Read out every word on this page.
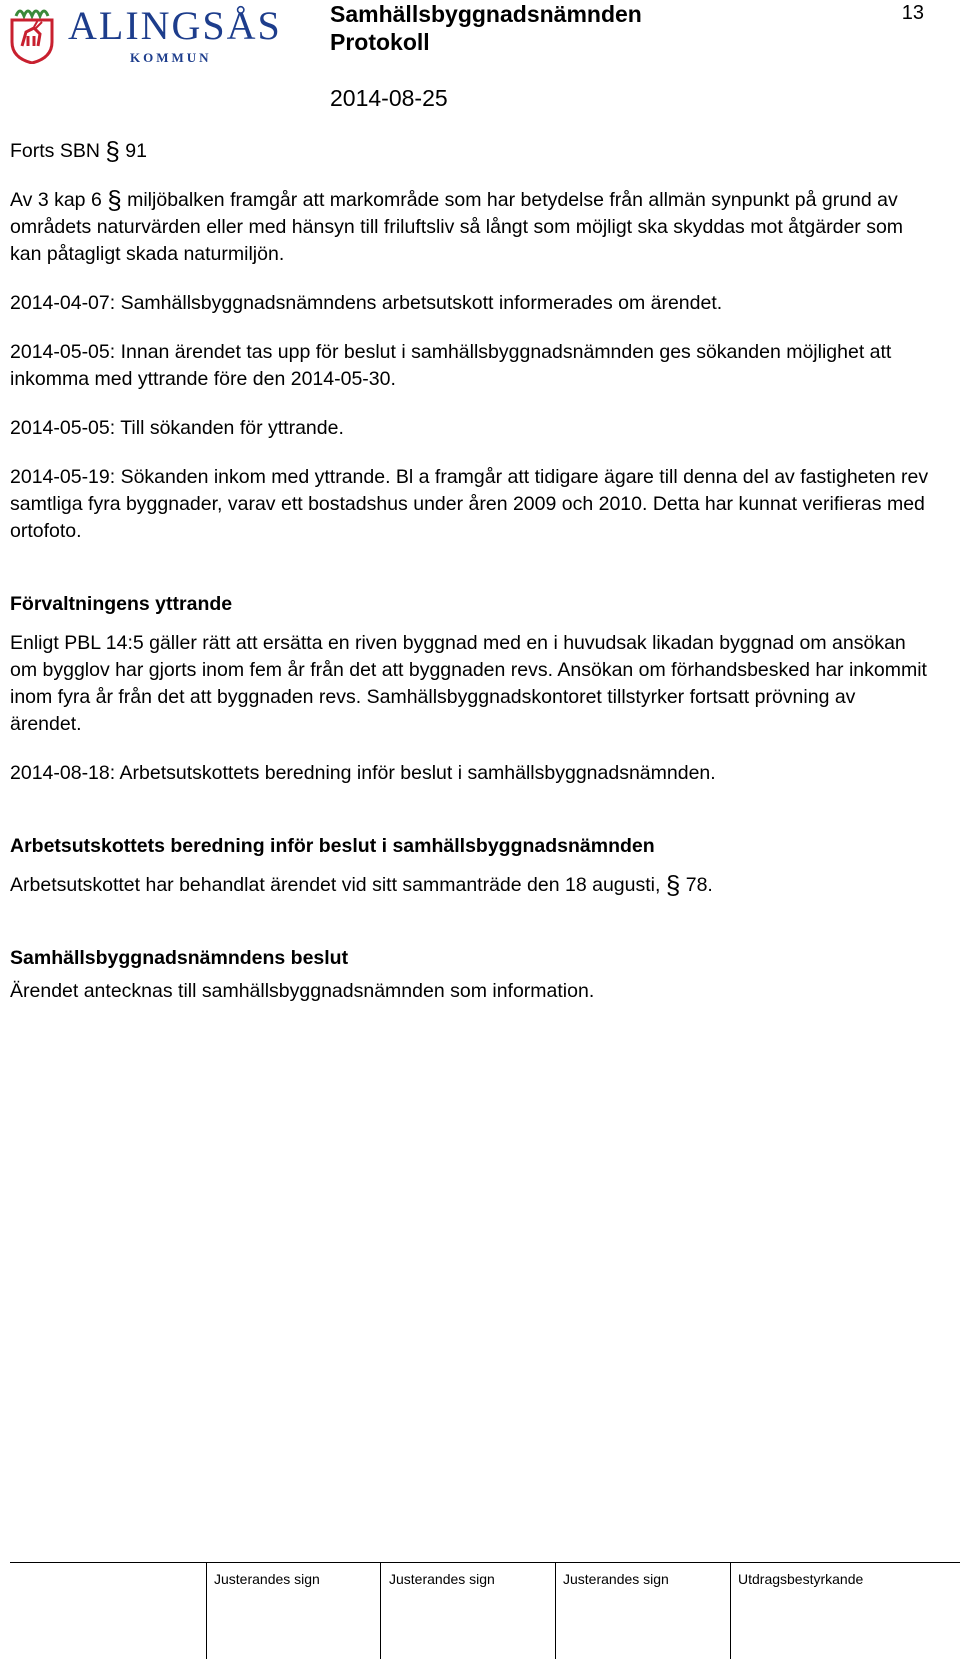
ALINGSÅS
KOMMUN
Samhällsbyggnadsnämnden
Protokoll
2014-08-25
13

Forts SBN § 91

Av 3 kap 6 § miljöbalken framgår att markområde som har betydelse från allmän synpunkt på grund av områdets naturvärden eller med hänsyn till friluftsliv så långt som möjligt ska skyddas mot åtgärder som kan påtagligt skada naturmiljön.

2014-04-07: Samhällsbyggnadsnämndens arbetsutskott informerades om ärendet.

2014-05-05: Innan ärendet tas upp för beslut i samhällsbyggnadsnämnden ges sökanden möjlighet att inkomma med yttrande före den 2014-05-30.

2014-05-05: Till sökanden för yttrande.

2014-05-19: Sökanden inkom med yttrande. Bl a framgår att tidigare ägare till denna del av fastigheten rev samtliga fyra byggnader, varav ett bostadshus under åren 2009 och 2010. Detta har kunnat verifieras med ortofoto.

Förvaltningens yttrande

Enligt PBL 14:5 gäller rätt att ersätta en riven byggnad med en i huvudsak likadan byggnad om ansökan om bygglov har gjorts inom fem år från det att byggnaden revs. Ansökan om förhandsbesked har inkommit inom fyra år från det att byggnaden revs. Samhällsbyggnadskontoret tillstyrker fortsatt prövning av ärendet.

2014-08-18: Arbetsutskottets beredning inför beslut i samhällsbyggnadsnämnden.

Arbetsutskottets beredning inför beslut i samhällsbyggnadsnämnden

Arbetsutskottet har behandlat ärendet vid sitt sammanträde den 18 augusti, § 78.

Samhällsbyggnadsnämndens beslut

Ärendet antecknas till samhällsbyggnadsnämnden som information.

Justerandes sign	Justerandes sign	Justerandes sign	Utdragsbestyrkande
